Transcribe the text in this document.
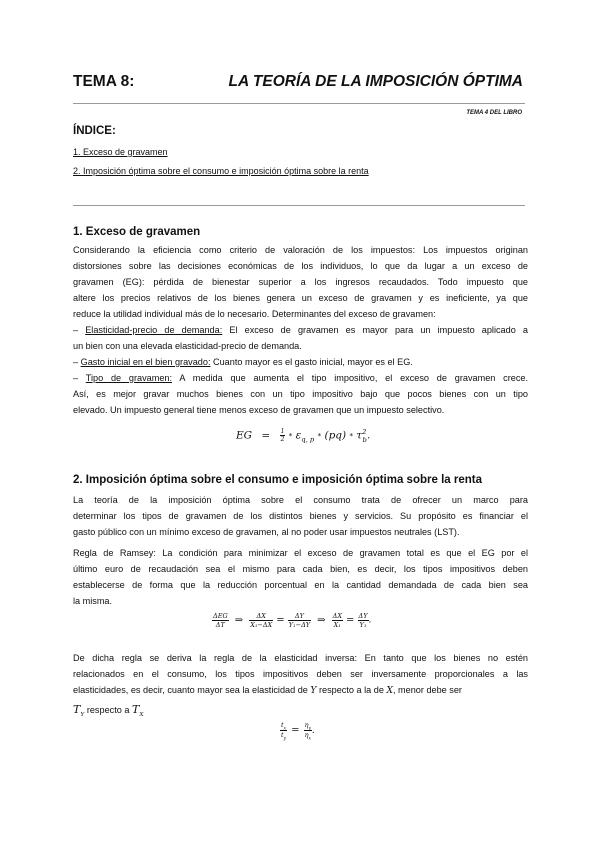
TEMA 8:	LA TEORÍA DE LA IMPOSICIÓN ÓPTIMA
TEMA 4 DEL LIBRO
ÍNDICE:
1. Exceso de gravamen
2. Imposición óptima sobre el consumo e imposición óptima sobre la renta
1. Exceso de gravamen
Considerando la eficiencia como criterio de valoración de los impuestos: Los impuestos originan
distorsiones sobre las decisiones económicas de los individuos, lo que da lugar a un exceso de
gravamen (EG): pérdida de bienestar superior a los ingresos recaudados. Todo impuesto que
altere los precios relativos de los bienes genera un exceso de gravamen y es ineficiente, ya que
reduce la utilidad individual más de lo necesario. Determinantes del exceso de gravamen:
– Elasticidad-precio de demanda: El exceso de gravamen es mayor para un impuesto aplicado a
un bien con una elevada elasticidad-precio de demanda.
– Gasto inicial en el bien gravado: Cuanto mayor es el gasto inicial, mayor es el EG.
– Tipo de gravamen: A medida que aumenta el tipo impositivo, el exceso de gravamen crece.
Así, es mejor gravar muchos bienes con un tipo impositivo bajo que pocos bienes con un tipo
elevado. Un impuesto general tiene menos exceso de gravamen que un impuesto selectivo.
EG = $\frac{1}{2} * \varepsilon_{q, p} * (pq) * \tau^2_b$.
2. Imposición óptima sobre el consumo e imposición óptima sobre la renta
La teoría de la imposición óptima sobre el consumo trata de ofrecer un marco para
determinar los tipos de gravamen de los distintos bienes y servicios. Su propósito es financiar el
gasto público con un mínimo exceso de gravamen, al no poder usar impuestos neutrales (LST).
Regla de Ramsey: La condición para minimizar el exceso de gravamen total es que el EG por el
último euro de recaudación sea el mismo para cada bien, es decir, los tipos impositivos deben
establecerse de forma que la reducción porcentual en la cantidad demandada de cada bien sea
la misma.
$\frac{\text{ΔEG}}{\Delta T}$ ⇒ $\frac{\Delta X}{\text{X₁−ΔX}} = \frac{\Delta Y}{\text{Y₁−ΔY}}$ ⇒ $\frac{\Delta X}{\text{X₁}} = \frac{\Delta Y}{\text{Y₁}}$ .
De dicha regla se deriva la regla de la elasticidad inversa: En tanto que los bienes no estén
relacionados en el consumo, los tipos impositivos deben ser inversamente proporcionales a las
elasticidades, es decir, cuanto mayor sea la elasticidad de Y respecto a la de X, menor debe ser
$T_Y$ respecto a $T_X$
$\frac{t_x}{t_y} = \frac{\eta_y}{\eta_x}$ .
